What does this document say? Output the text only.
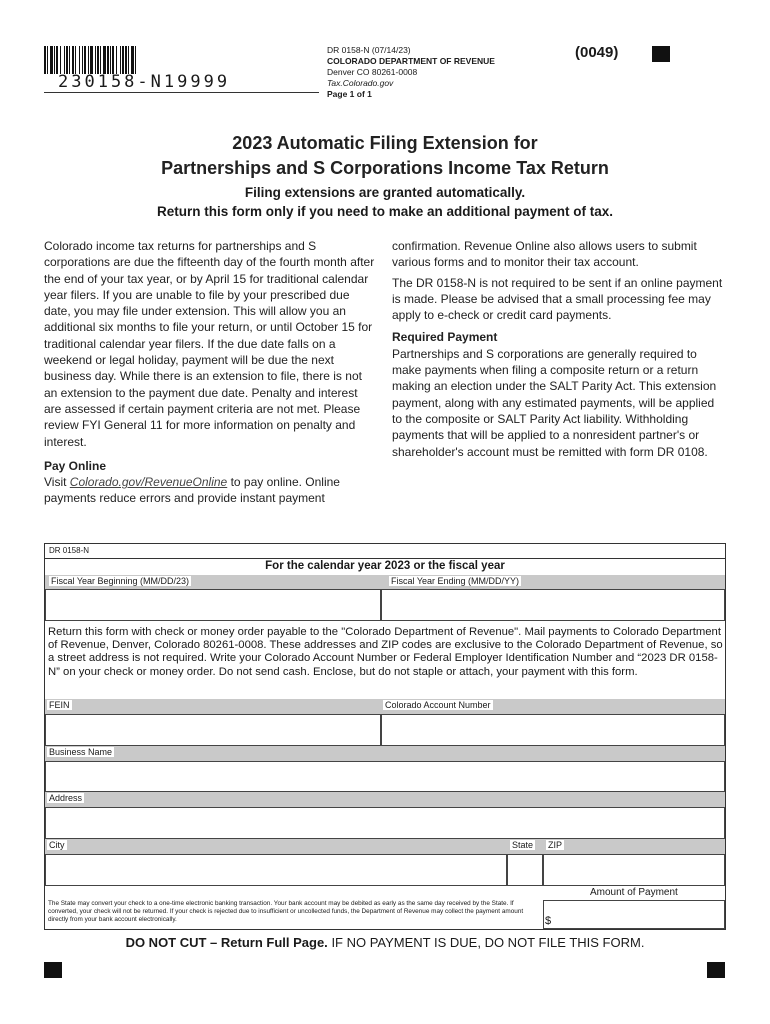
230158-N19999
DR 0158-N (07/14/23)
COLORADO DEPARTMENT OF REVENUE
Denver CO 80261-0008
Tax.Colorado.gov
Page 1 of 1
(0049)
2023 Automatic Filing Extension for
Partnerships and S Corporations Income Tax Return
Filing extensions are granted automatically.
Return this form only if you need to make an additional payment of tax.

Colorado income tax returns for partnerships and S corporations are due the fifteenth day of the fourth month after the end of your tax year, or by April 15 for traditional calendar year filers. If you are unable to file by your prescribed due date, you may file under extension. This will allow you an additional six months to file your return, or until October 15 for traditional calendar year filers. If the due date falls on a weekend or legal holiday, payment will be due the next business day. While there is an extension to file, there is not an extension to the payment due date. Penalty and interest are assessed if certain payment criteria are not met. Please review FYI General 11 for more information on penalty and interest.

Pay Online

Visit Colorado.gov/RevenueOnline to pay online. Online payments reduce errors and provide instant payment

confirmation. Revenue Online also allows users to submit various forms and to monitor their tax account.

The DR 0158-N is not required to be sent if an online payment is made. Please be advised that a small processing fee may apply to e-check or credit card payments.

Required Payment

Partnerships and S corporations are generally required to make payments when filing a composite return or a return making an election under the SALT Parity Act. This extension payment, along with any estimated payments, will be applied to the composite or SALT Parity Act liability. Withholding payments that will be applied to a nonresident partner's or shareholder's account must be remitted with form DR 0108.

DR 0158-N
For the calendar year 2023 or the fiscal year
Fiscal Year Beginning (MM/DD/23)	Fiscal Year Ending (MM/DD/YY)
Return this form with check or money order payable to the "Colorado Department of Revenue". Mail payments to Colorado Department of Revenue, Denver, Colorado 80261-0008. These addresses and ZIP codes are exclusive to the Colorado Department of Revenue, so a street address is not required. Write your Colorado Account Number or Federal Employer Identification Number and “2023 DR 0158-N” on your check or money order. Do not send cash. Enclose, but do not staple or attach, your payment with this form.
FEIN	Colorado Account Number
Business Name
Address
City	State ZIP
Amount of Payment
The State may convert your check to a one-time electronic banking transaction. Your bank account may be debited as early as the same day received by the State. If converted, your check will not be returned. If your check is rejected due to insufficient or uncollected funds, the Department of Revenue may collect the payment amount directly from your bank account electronically.	$
DO NOT CUT – Return Full Page. IF NO PAYMENT IS DUE, DO NOT FILE THIS FORM.
